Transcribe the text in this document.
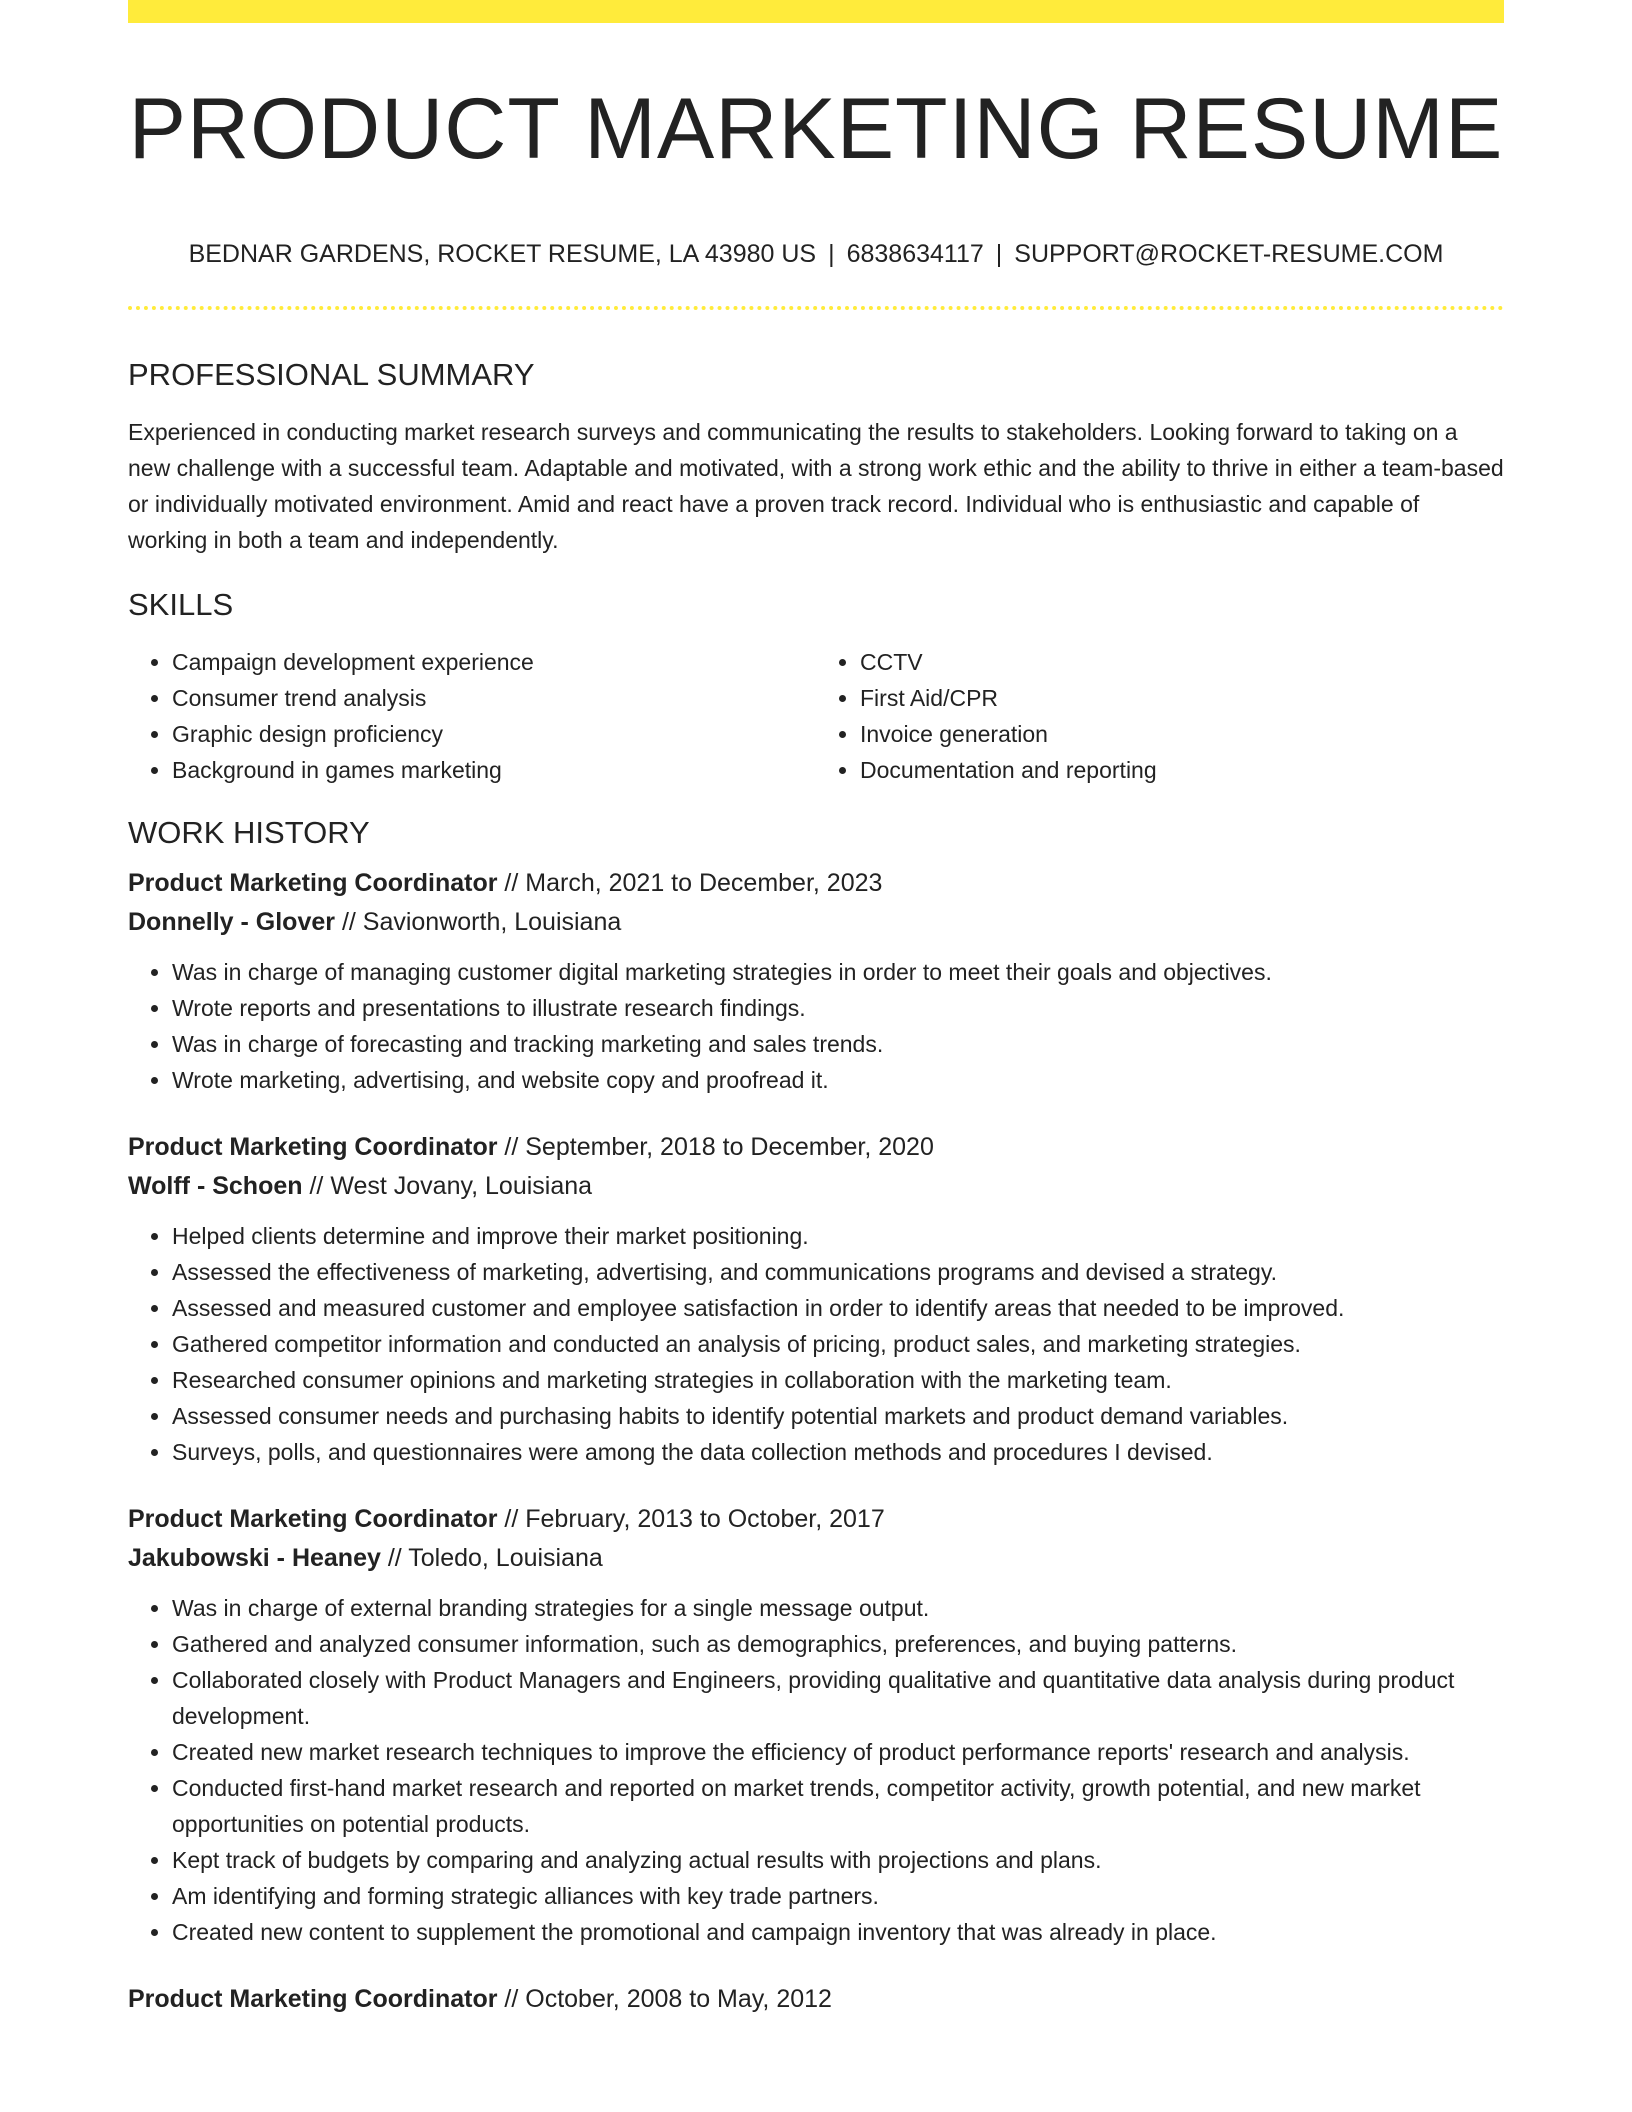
PRODUCT MARKETING RESUME
BEDNAR GARDENS, ROCKET RESUME, LA 43980 US | 6838634117 | SUPPORT@ROCKET-RESUME.COM
PROFESSIONAL SUMMARY

Experienced in conducting market research surveys and communicating the results to stakeholders. Looking forward to taking on a new challenge with a successful team. Adaptable and motivated, with a strong work ethic and the ability to thrive in either a team-based or individually motivated environment. Amid and react have a proven track record. Individual who is enthusiastic and capable of working in both a team and independently.

SKILLS
• Campaign development experience
• Consumer trend analysis
• Graphic design proficiency
• Background in games marketing
• CCTV
• First Aid/CPR
• Invoice generation
• Documentation and reporting
WORK HISTORY
Product Marketing Coordinator // March, 2021 to December, 2023
Donnelly - Glover // Savionworth, Louisiana
• Was in charge of managing customer digital marketing strategies in order to meet their goals and objectives.
• Wrote reports and presentations to illustrate research findings.
• Was in charge of forecasting and tracking marketing and sales trends.
• Wrote marketing, advertising, and website copy and proofread it.
Product Marketing Coordinator // September, 2018 to December, 2020
Wolff - Schoen // West Jovany, Louisiana
• Helped clients determine and improve their market positioning.
• Assessed the effectiveness of marketing, advertising, and communications programs and devised a strategy.
• Assessed and measured customer and employee satisfaction in order to identify areas that needed to be improved.
• Gathered competitor information and conducted an analysis of pricing, product sales, and marketing strategies.
• Researched consumer opinions and marketing strategies in collaboration with the marketing team.
• Assessed consumer needs and purchasing habits to identify potential markets and product demand variables.
• Surveys, polls, and questionnaires were among the data collection methods and procedures I devised.
Product Marketing Coordinator // February, 2013 to October, 2017
Jakubowski - Heaney // Toledo, Louisiana
• Was in charge of external branding strategies for a single message output.
• Gathered and analyzed consumer information, such as demographics, preferences, and buying patterns.
• Collaborated closely with Product Managers and Engineers, providing qualitative and quantitative data analysis during product development.
• Created new market research techniques to improve the efficiency of product performance reports' research and analysis.
• Conducted first-hand market research and reported on market trends, competitor activity, growth potential, and new market opportunities on potential products.
• Kept track of budgets by comparing and analyzing actual results with projections and plans.
• Am identifying and forming strategic alliances with key trade partners.
• Created new content to supplement the promotional and campaign inventory that was already in place.
Product Marketing Coordinator // October, 2008 to May, 2012
